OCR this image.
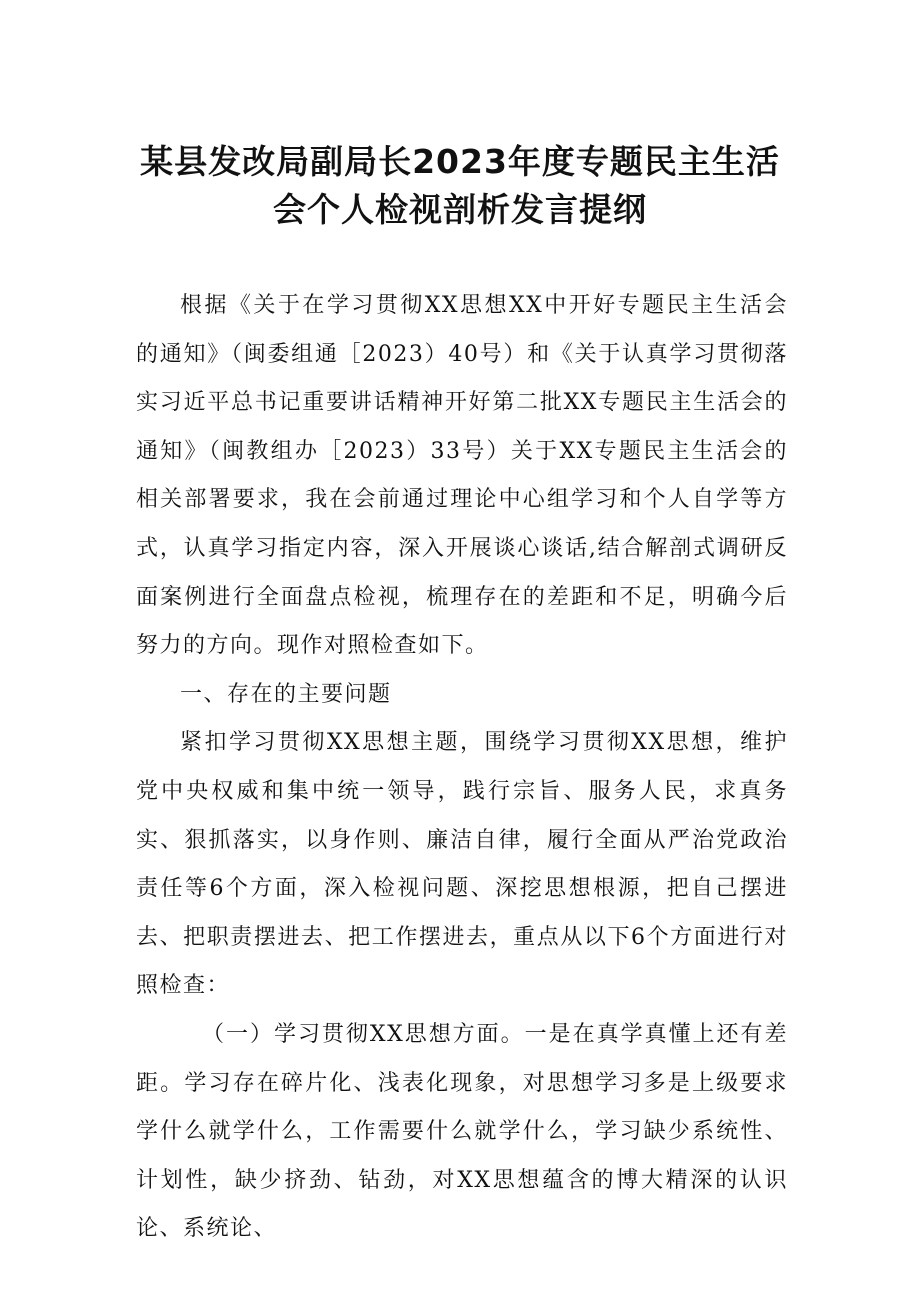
某县发改局副局长2023年度专题民主生活
会个人检视剖析发言提纲

根据《关于在学习贯彻XX思想XX中开好专题民主生活会的通知》（闽委组通［2023）40号）和《关于认真学习贯彻落实习近平总书记重要讲话精神开好第二批XX专题民主生活会的通知》（闽教组办［2023）33号）关于XX专题民主生活会的相关部署要求，我在会前通过理论中心组学习和个人自学等方式，认真学习指定内容，深入开展谈心谈话,结合解剖式调研反面案例进行全面盘点检视，梳理存在的差距和不足，明确今后努力的方向。现作对照检查如下。

一、存在的主要问题

紧扣学习贯彻XX思想主题，围绕学习贯彻XX思想，维护党中央权威和集中统一领导，践行宗旨、服务人民，求真务实、狠抓落实，以身作则、廉洁自律，履行全面从严治党政治责任等6个方面，深入检视问题、深挖思想根源，把自己摆进去、把职责摆进去、把工作摆进去，重点从以下6个方面进行对照检查：

（一）学习贯彻XX思想方面。一是在真学真懂上还有差距。学习存在碎片化、浅表化现象，对思想学习多是上级要求学什么就学什么，工作需要什么就学什么，学习缺少系统性、计划性，缺少挤劲、钻劲，对XX思想蕴含的博大精深的认识论、系统论、
